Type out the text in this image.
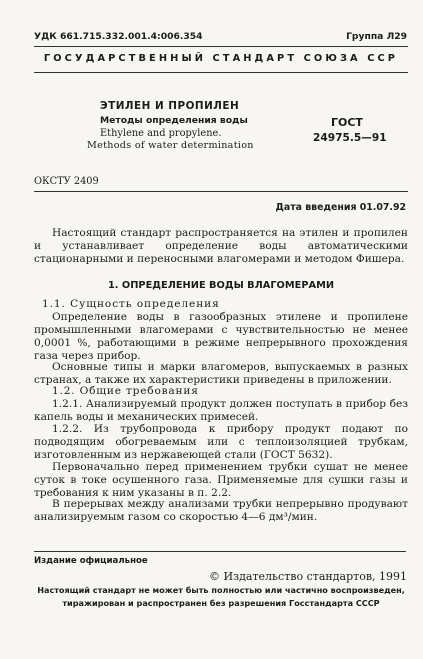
УДК 661.715.332.001.4:006.354	Группа Л29
ГОСУДАРСТВЕННЫЙ СТАНДАРТ СОЮЗА ССР
ЭТИЛЕН И ПРОПИЛЕН
Методы определения воды
Ethylene and propylene.
Methods of water determination
ГОСТ
24975.5—91
ОКСТУ 2409
Дата введения 01.07.92
Настоящий стандарт распространяется на этилен и пропилен и устанавливает определение воды автоматическими стационарными и переносными влагомерами и методом Фишера.
1. ОПРЕДЕЛЕНИЕ ВОДЫ ВЛАГОМЕРАМИ
1.1. Сущность определения
Определение воды в газообразных этилене и пропилене промышленными влагомерами с чувствительностью не менее 0,0001 %, работающими в режиме непрерывного прохождения газа через прибор.
Основные типы и марки влагомеров, выпускаемых в разных странах, а также их характеристики приведены в приложении.
1.2. Общие требования
1.2.1. Анализируемый продукт должен поступать в прибор без капель воды и механических примесей.
1.2.2. Из трубопровода к прибору продукт подают по подводящим обогреваемым или с теплоизоляцией трубкам, изготовленным из нержавеющей стали (ГОСТ 5632).
Первоначально перед применением трубки сушат не менее суток в токе осушенного газа. Применяемые для сушки газы и требования к ним указаны в п. 2.2.
В перерывах между анализами трубки непрерывно продувают анализируемым газом со скоростью 4—6 дм³/мин.
Издание официальное
© Издательство стандартов, 1991
Настоящий стандарт не может быть полностью или частично воспроизведен,
тиражирован и распространен без разрешения Госстандарта СССР
